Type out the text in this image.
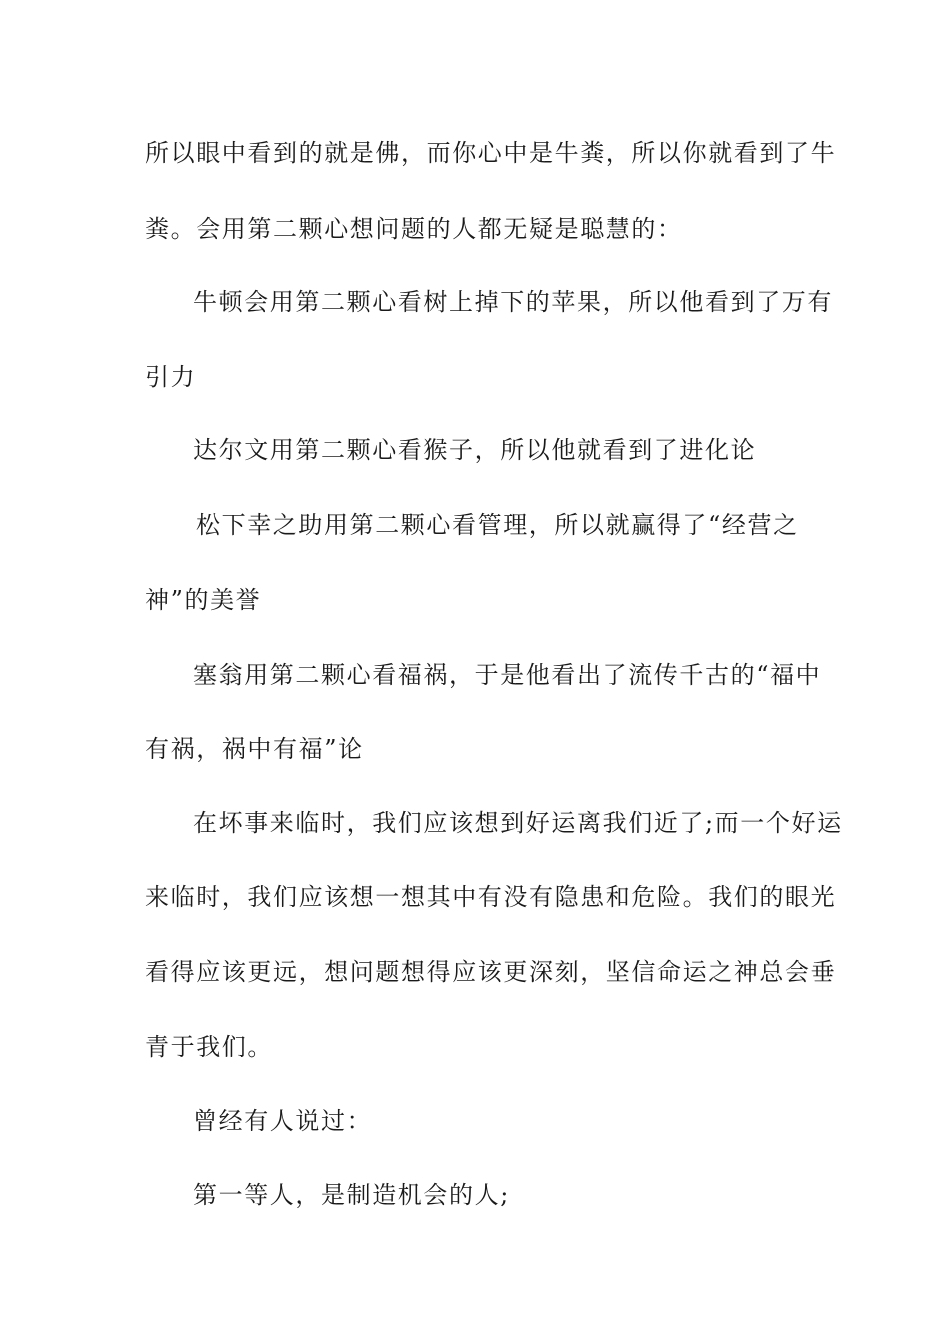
所以眼中看到的就是佛，而你心中是牛粪，所以你就看到了牛
粪。会用第二颗心想问题的人都无疑是聪慧的：
牛顿会用第二颗心看树上掉下的苹果，所以他看到了万有
引力
达尔文用第二颗心看猴子，所以他就看到了进化论
松下幸之助用第二颗心看管理，所以就赢得了“经营之
神”的美誉
塞翁用第二颗心看福祸，于是他看出了流传千古的“福中
有祸，祸中有福”论
在坏事来临时，我们应该想到好运离我们近了;而一个好运
来临时，我们应该想一想其中有没有隐患和危险。我们的眼光
看得应该更远，想问题想得应该更深刻，坚信命运之神总会垂
青于我们。
曾经有人说过：
第一等人，是制造机会的人;
